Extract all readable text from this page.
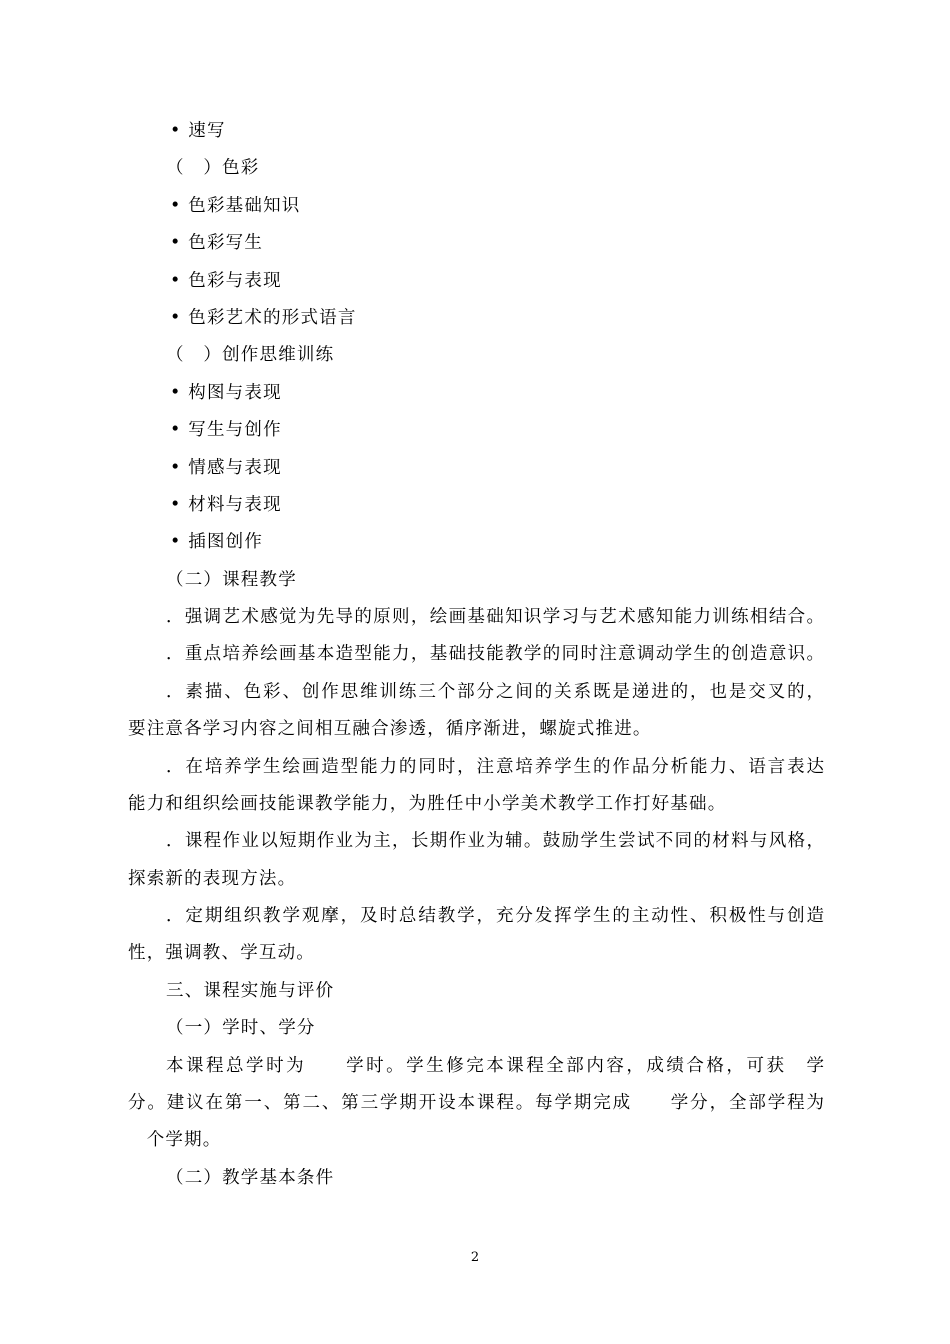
• 速写
（　）色彩
• 色彩基础知识
• 色彩写生
• 色彩与表现
• 色彩艺术的形式语言
（　）创作思维训练
• 构图与表现
• 写生与创作
• 情感与表现
• 材料与表现
• 插图创作
（二）课程教学
．强调艺术感觉为先导的原则，绘画基础知识学习与艺术感知能力训练相结合。
．重点培养绘画基本造型能力，基础技能教学的同时注意调动学生的创造意识。
．素描、色彩、创作思维训练三个部分之间的关系既是递进的，也是交叉的，
要注意各学习内容之间相互融合渗透，循序渐进，螺旋式推进。
．在培养学生绘画造型能力的同时，注意培养学生的作品分析能力、语言表达
能力和组织绘画技能课教学能力，为胜任中小学美术教学工作打好基础。
．课程作业以短期作业为主，长期作业为辅。鼓励学生尝试不同的材料与风格，
探索新的表现方法。
．定期组织教学观摩，及时总结教学，充分发挥学生的主动性、积极性与创造
性，强调教、学互动。
三、课程实施与评价
（一）学时、学分
本课程总学时为　　学时。学生修完本课程全部内容，成绩合格，可获　学
分。建议在第一、第二、第三学期开设本课程。每学期完成　　学分，全部学程为
　个学期。
（二）教学基本条件
2
